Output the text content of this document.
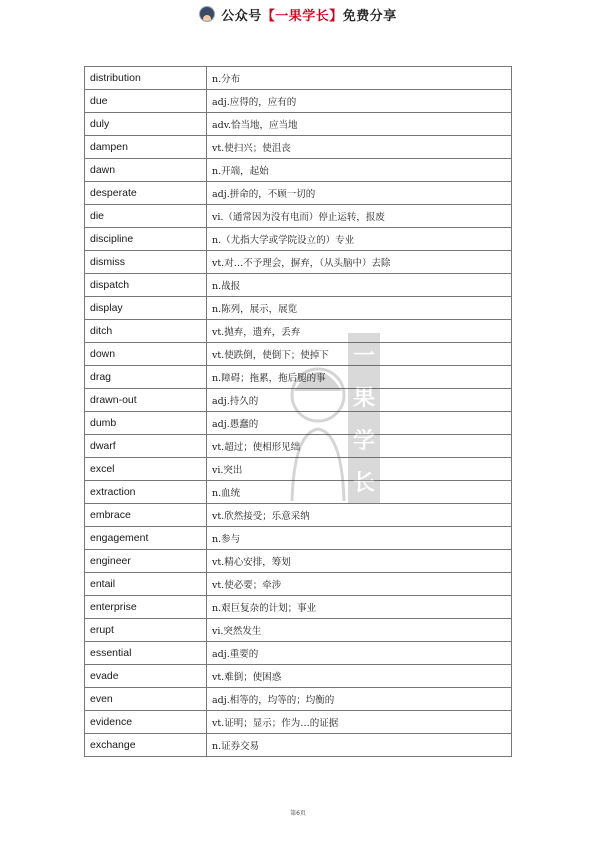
公众号【一果学长】免费分享
distribution	n.分布
due	adj.应得的，应有的
duly	adv.恰当地，应当地
dampen	vt.使扫兴；使沮丧
dawn	n.开端，起始
desperate	adj.拼命的，不顾一切的
die	vi.（通常因为没有电而）停止运转，报废
discipline	n.（尤指大学或学院设立的）专业
dismiss	vt.对…不予理会，摒弃，（从头脑中）去除
dispatch	n.战报
display	n.陈列，展示，展览
ditch	vt.抛弃，遗弃，丢弃
down	vt.使跌倒，使倒下；使掉下
drag	n.障碍；拖累，拖后腿的事
drawn-out	adj.持久的
dumb	adj.愚蠢的
dwarf	vt.超过；使相形见绌
excel	vi.突出
extraction	n.血统
embrace	vt.欣然接受；乐意采纳
engagement	n.参与
engineer	vt.精心安排，筹划
entail	vt.使必要；牵涉
enterprise	n.艰巨复杂的计划；事业
erupt	vi.突然发生
essential	adj.重要的
evade	vt.难倒；使困惑
even	adj.相等的，均等的；均衡的
evidence	vt.证明；显示；作为…的证据
exchange	n.证券交易
一
果
学
长
第6页
